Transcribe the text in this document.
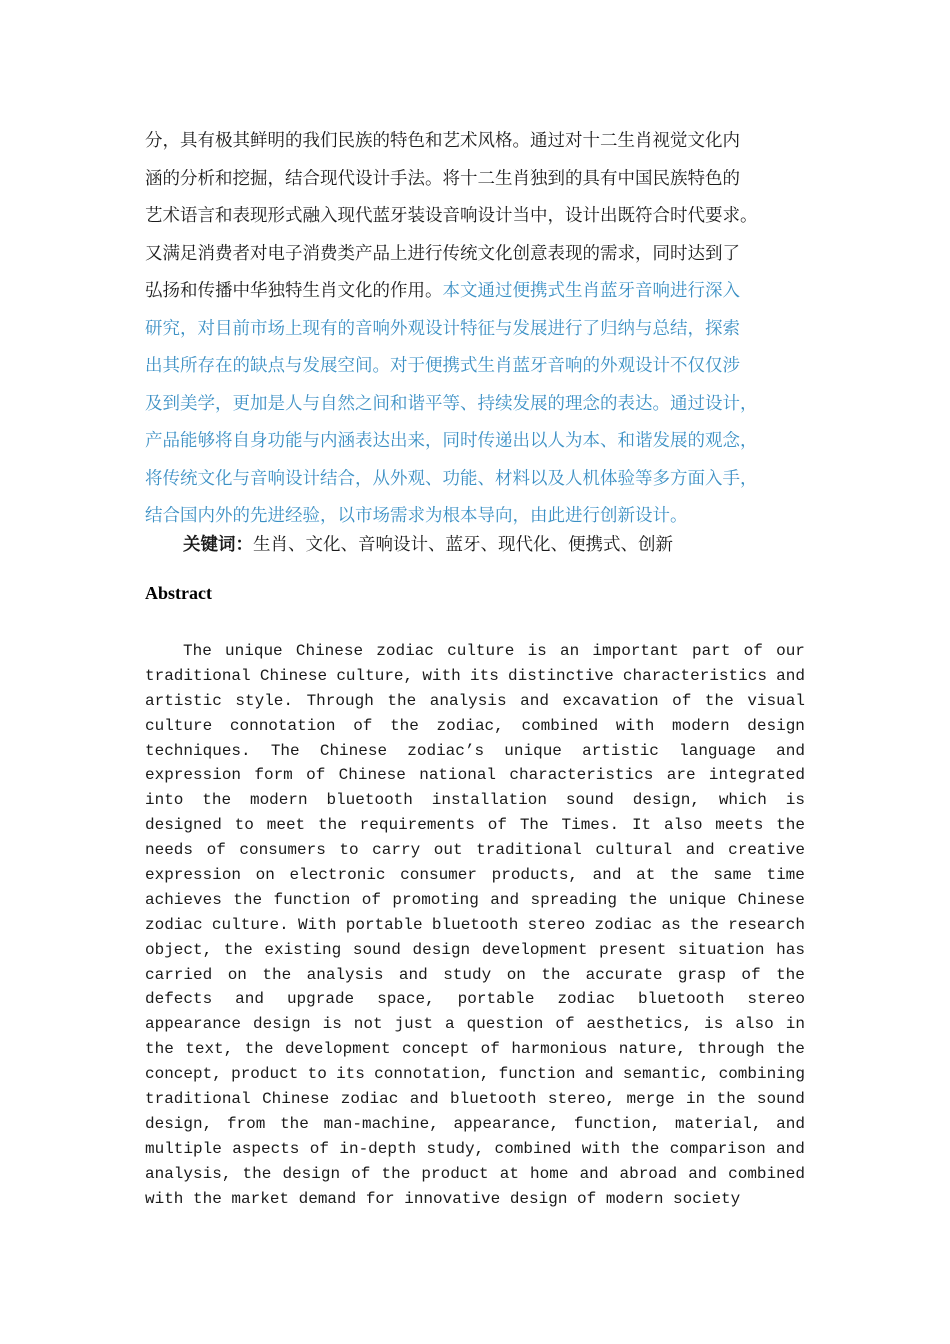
分，具有极其鲜明的我们民族的特色和艺术风格。通过对十二生肖视觉文化内
涵的分析和挖掘，结合现代设计手法。将十二生肖独到的具有中国民族特色的
艺术语言和表现形式融入现代蓝牙装设音响设计当中，设计出既符合时代要求。
又满足消费者对电子消费类产品上进行传统文化创意表现的需求，同时达到了
弘扬和传播中华独特生肖文化的作用。本文通过便携式生肖蓝牙音响进行深入
研究，对目前市场上现有的音响外观设计特征与发展进行了归纳与总结，探索
出其所存在的缺点与发展空间。对于便携式生肖蓝牙音响的外观设计不仅仅涉
及到美学，更加是人与自然之间和谐平等、持续发展的理念的表达。通过设计，
产品能够将自身功能与内涵表达出来，同时传递出以人为本、和谐发展的观念，
将传统文化与音响设计结合，从外观、功能、材料以及人机体验等多方面入手，
结合国内外的先进经验，以市场需求为根本导向，由此进行创新设计。
关键词：生肖、文化、音响设计、蓝牙、现代化、便携式、创新
Abstract
The unique Chinese zodiac culture is an important part of our
traditional Chinese culture, with its distinctive characteristics and
artistic style. Through the analysis and excavation of the visual
culture connotation of the zodiac, combined with modern design
techniques. The Chinese zodiac’s unique artistic language and
expression form of Chinese national characteristics are integrated
into the modern bluetooth installation sound design, which is
designed to meet the requirements of The Times. It also meets the
needs of consumers to carry out traditional cultural and creative
expression on electronic consumer products, and at the same time
achieves the function of promoting and spreading the unique Chinese
zodiac culture. With portable bluetooth stereo zodiac as the research
object, the existing sound design development present situation has
carried on the analysis and study on the accurate grasp of the
defects and upgrade space, portable zodiac bluetooth stereo
appearance design is not just a question of aesthetics, is also in
the text, the development concept of harmonious nature, through the
concept, product to its connotation, function and semantic, combining
traditional Chinese zodiac and bluetooth stereo, merge in the sound
design, from the man-machine, appearance, function, material, and
multiple aspects of in-depth study, combined with the comparison and
analysis, the design of the product at home and abroad and combined
with the market demand for innovative design of modern society
